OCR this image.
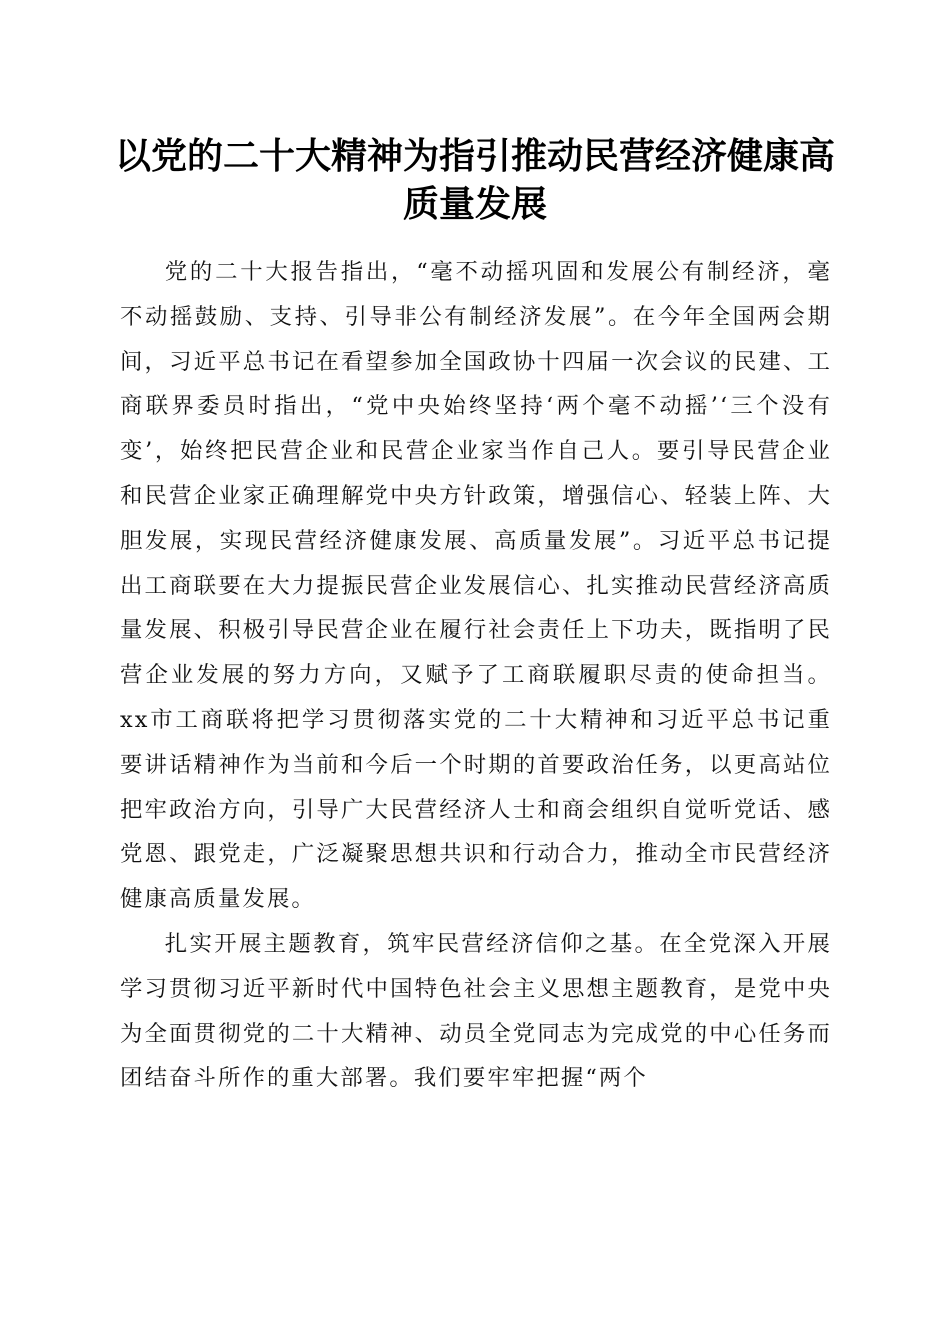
以党的二十大精神为指引推动民营经济健康高质量发展

党的二十大报告指出，“毫不动摇巩固和发展公有制经济，毫不动摇鼓励、支持、引导非公有制经济发展”。在今年全国两会期间，习近平总书记在看望参加全国政协十四届一次会议的民建、工商联界委员时指出，“党中央始终坚持‘两个毫不动摇’‘三个没有变’，始终把民营企业和民营企业家当作自己人。要引导民营企业和民营企业家正确理解党中央方针政策，增强信心、轻装上阵、大胆发展，实现民营经济健康发展、高质量发展”。习近平总书记提出工商联要在大力提振民营企业发展信心、扎实推动民营经济高质量发展、积极引导民营企业在履行社会责任上下功夫，既指明了民营企业发展的努力方向，又赋予了工商联履职尽责的使命担当。xx市工商联将把学习贯彻落实党的二十大精神和习近平总书记重要讲话精神作为当前和今后一个时期的首要政治任务，以更高站位把牢政治方向，引导广大民营经济人士和商会组织自觉听党话、感党恩、跟党走，广泛凝聚思想共识和行动合力，推动全市民营经济健康高质量发展。

扎实开展主题教育，筑牢民营经济信仰之基。在全党深入开展学习贯彻习近平新时代中国特色社会主义思想主题教育，是党中央为全面贯彻党的二十大精神、动员全党同志为完成党的中心任务而团结奋斗所作的重大部署。我们要牢牢把握“两个
